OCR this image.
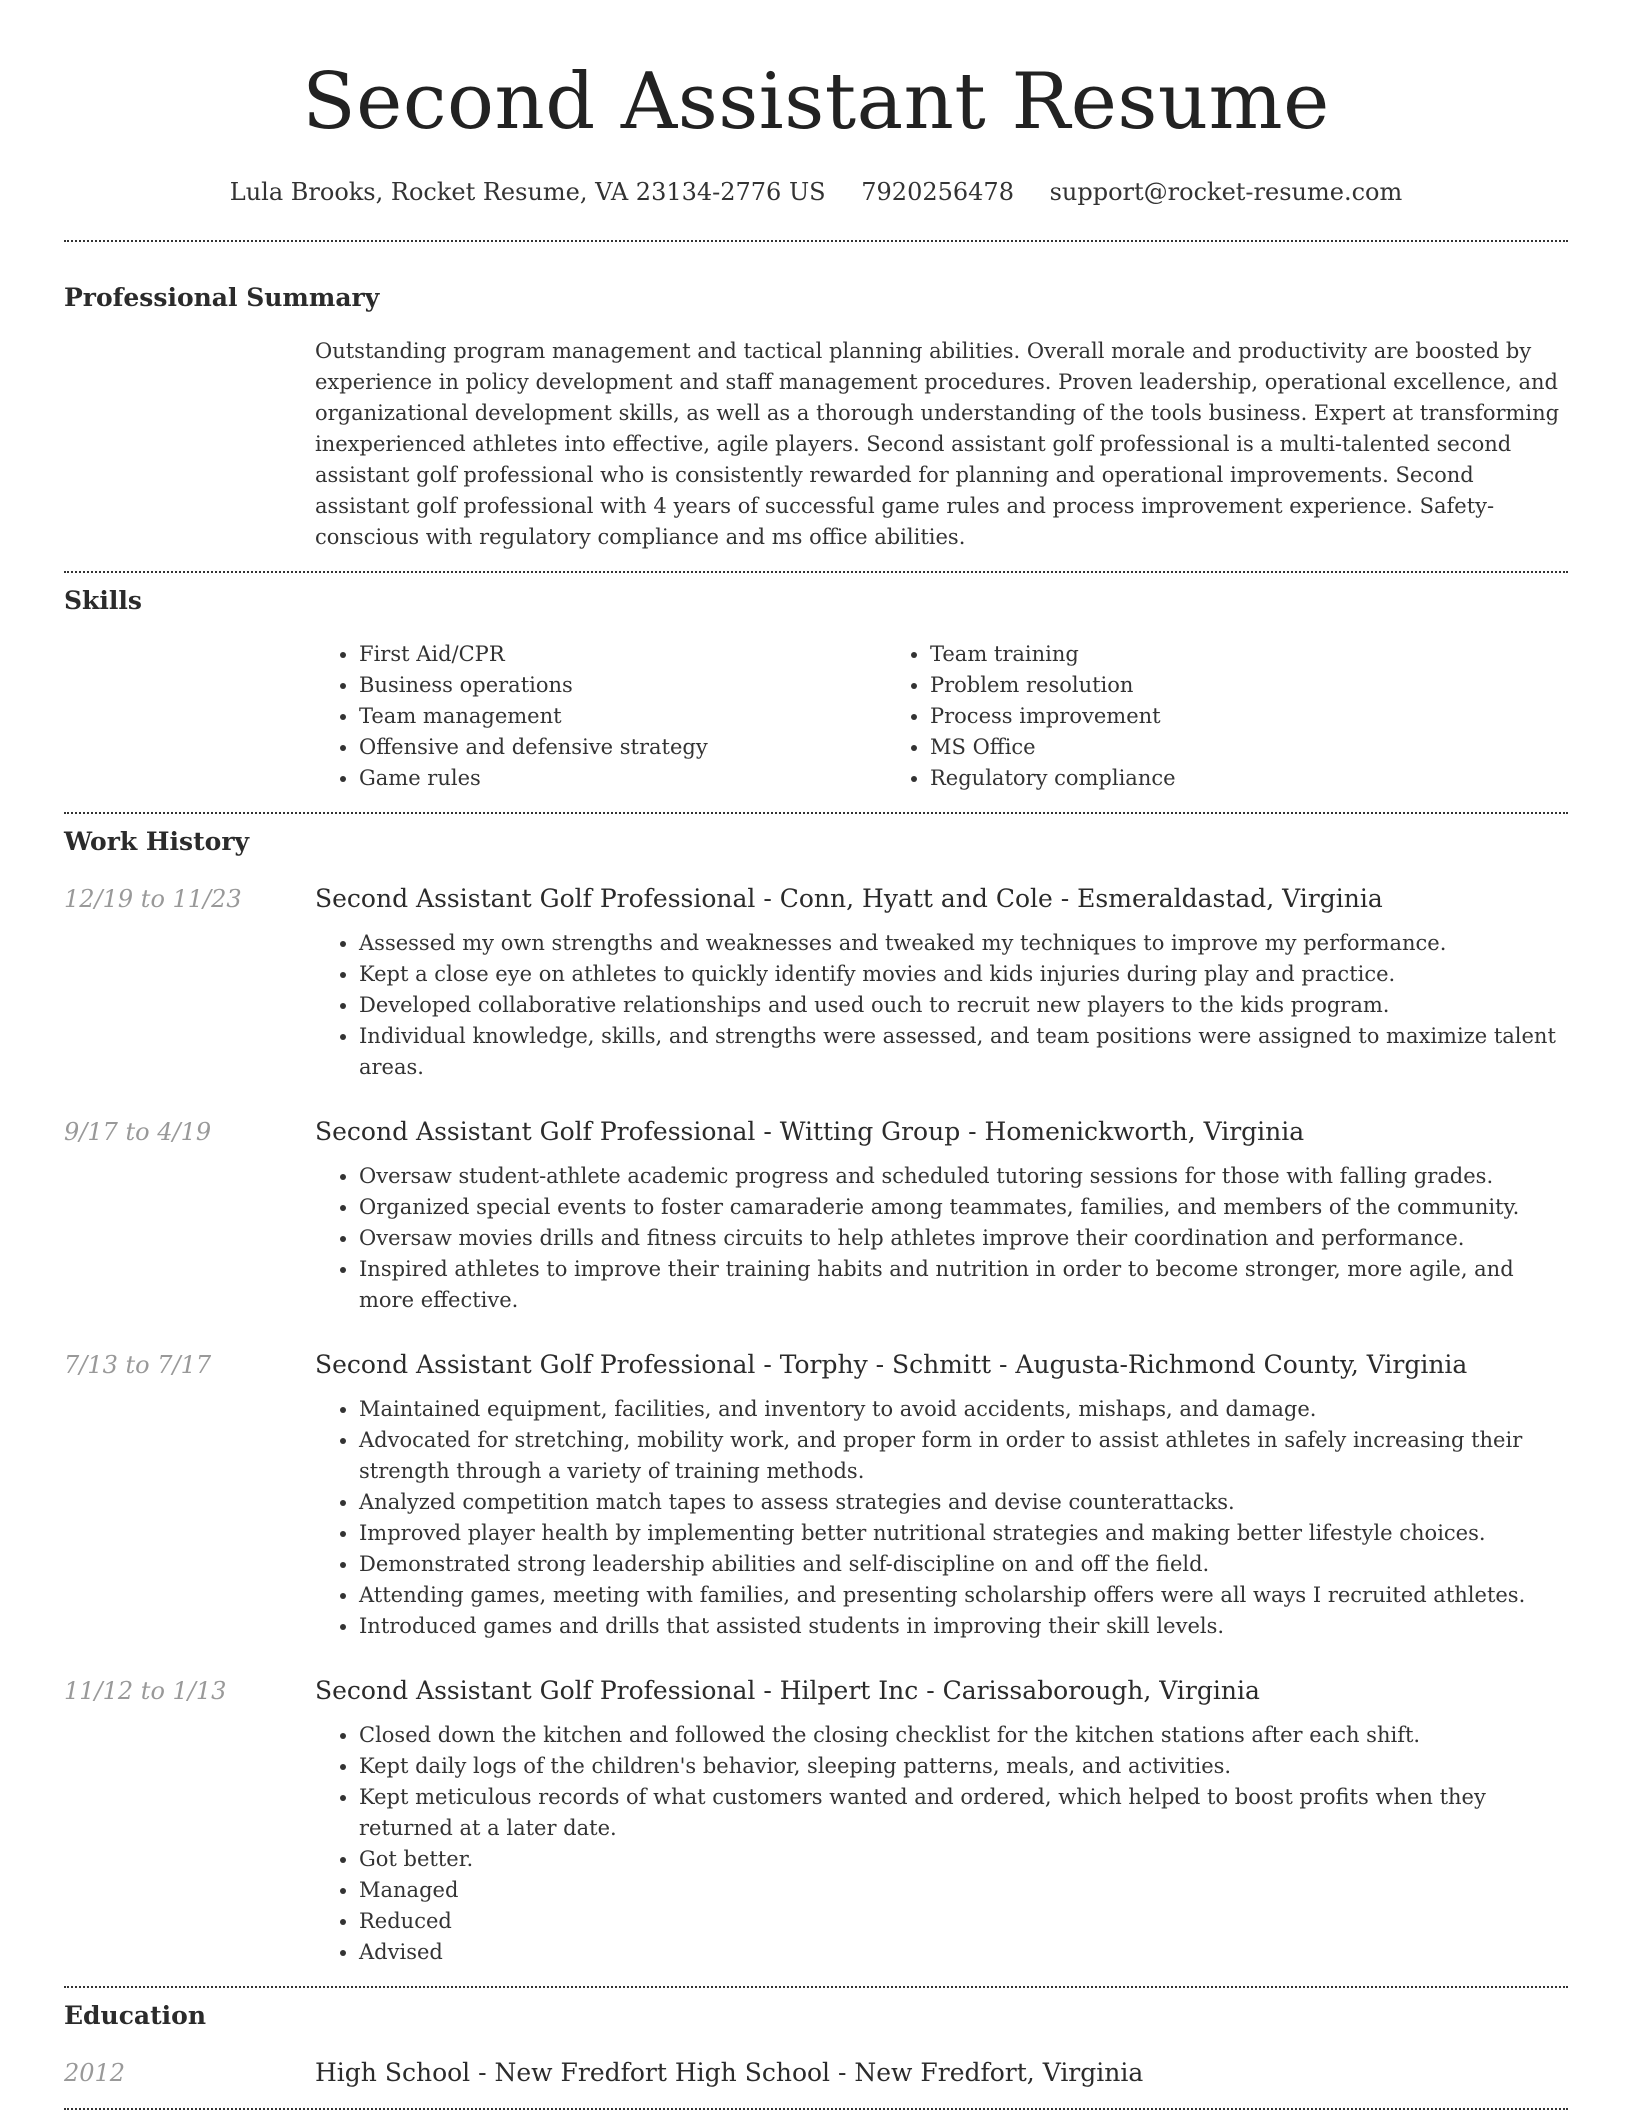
Second Assistant Resume
Lula Brooks, Rocket Resume, VA 23134-2776 US 7920256478 support@rocket-resume.com
Professional Summary

Outstanding program management and tactical planning abilities. Overall morale and productivity are boosted by experience in policy development and staff management procedures. Proven leadership, operational excellence, and organizational development skills, as well as a thorough understanding of the tools business. Expert at transforming inexperienced athletes into effective, agile players. Second assistant golf professional is a multi-talented second assistant golf professional who is consistently rewarded for planning and operational improvements. Second assistant golf professional with 4 years of successful game rules and process improvement experience. Safety-conscious with regulatory compliance and ms office abilities.

Skills
• First Aid/CPR
• Business operations
• Team management
• Offensive and defensive strategy
• Game rules
• Team training
• Problem resolution
• Process improvement
• MS Office
• Regulatory compliance
Work History
12/19 to 11/23	Second Assistant Golf Professional - Conn, Hyatt and Cole - Esmeraldastad, Virginia
• Assessed my own strengths and weaknesses and tweaked my techniques to improve my performance.
• Kept a close eye on athletes to quickly identify movies and kids injuries during play and practice.
• Developed collaborative relationships and used ouch to recruit new players to the kids program.
• Individual knowledge, skills, and strengths were assessed, and team positions were assigned to maximize talent areas.
9/17 to 4/19	Second Assistant Golf Professional - Witting Group - Homenickworth, Virginia
• Oversaw student-athlete academic progress and scheduled tutoring sessions for those with falling grades.
• Organized special events to foster camaraderie among teammates, families, and members of the community.
• Oversaw movies drills and fitness circuits to help athletes improve their coordination and performance.
• Inspired athletes to improve their training habits and nutrition in order to become stronger, more agile, and more effective.
7/13 to 7/17	Second Assistant Golf Professional - Torphy - Schmitt - Augusta-Richmond County, Virginia
• Maintained equipment, facilities, and inventory to avoid accidents, mishaps, and damage.
• Advocated for stretching, mobility work, and proper form in order to assist athletes in safely increasing their strength through a variety of training methods.
• Analyzed competition match tapes to assess strategies and devise counterattacks.
• Improved player health by implementing better nutritional strategies and making better lifestyle choices.
• Demonstrated strong leadership abilities and self-discipline on and off the field.
• Attending games, meeting with families, and presenting scholarship offers were all ways I recruited athletes.
• Introduced games and drills that assisted students in improving their skill levels.
11/12 to 1/13	Second Assistant Golf Professional - Hilpert Inc - Carissaborough, Virginia
• Closed down the kitchen and followed the closing checklist for the kitchen stations after each shift.
• Kept daily logs of the children's behavior, sleeping patterns, meals, and activities.
• Kept meticulous records of what customers wanted and ordered, which helped to boost profits when they returned at a later date.
• Got better.
• Managed
• Reduced
• Advised
Education
2012	High School - New Fredfort High School - New Fredfort, Virginia
